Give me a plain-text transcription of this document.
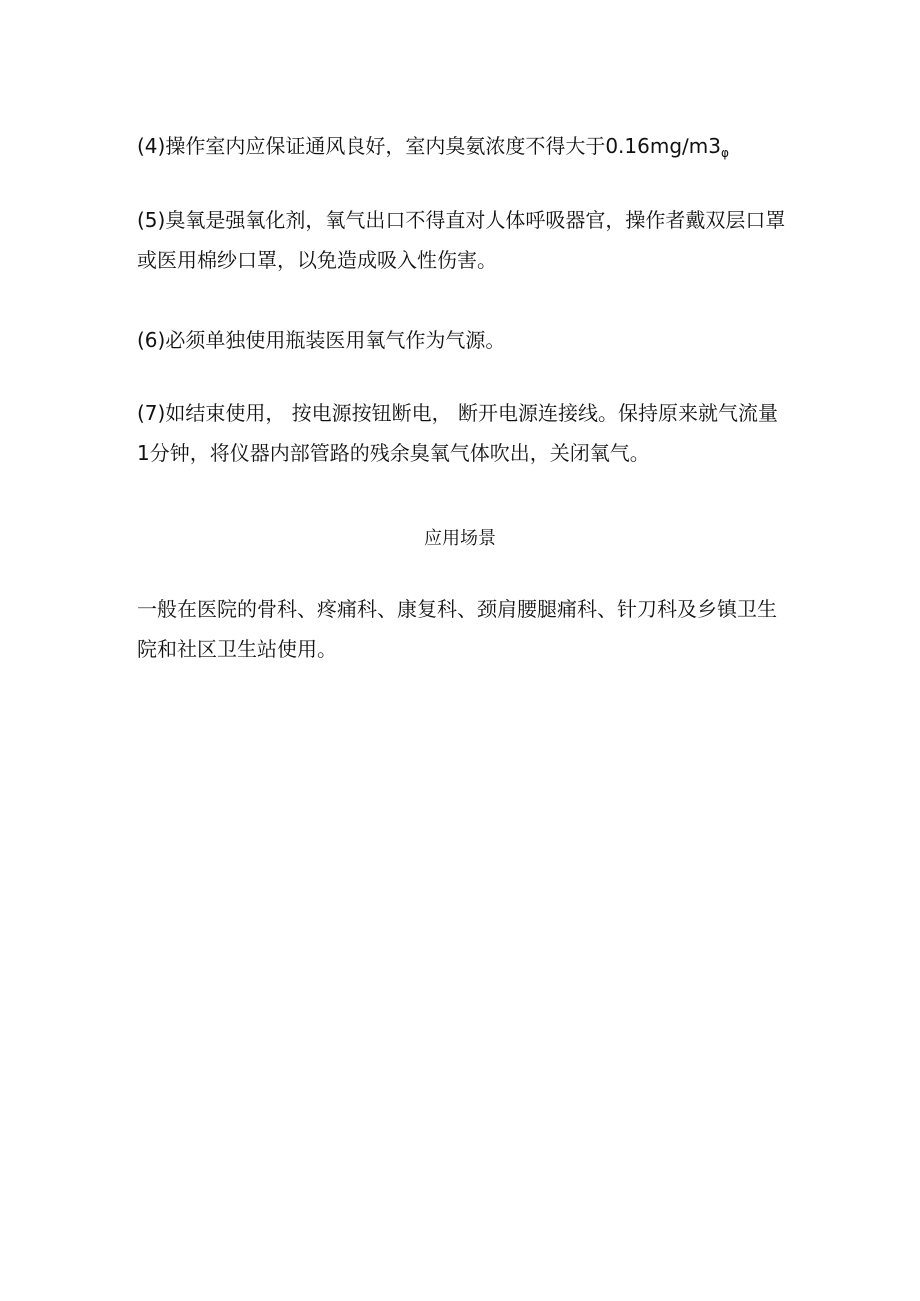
(4)操作室内应保证通风良好，室内臭氨浓度不得大于$0.16mg∕m3_\varphi$

(5)臭氧是强氧化剂，氧气出口不得直对人体呼吸器官，操作者戴双层口罩
或医用棉纱口罩，以免造成吸入性伤害。

(6)必须单独使用瓶装医用氧气作为气源。

(7)如结束使用， 按电源按钮断电， 断开电源连接线。保持原来就气流量
1分钟，将仪器内部管路的残余臭氧气体吹出，关闭氧气。

应用场景

一般在医院的骨科、疼痛科、康复科、颈肩腰腿痛科、针刀科及乡镇卫生
院和社区卫生站使用。
